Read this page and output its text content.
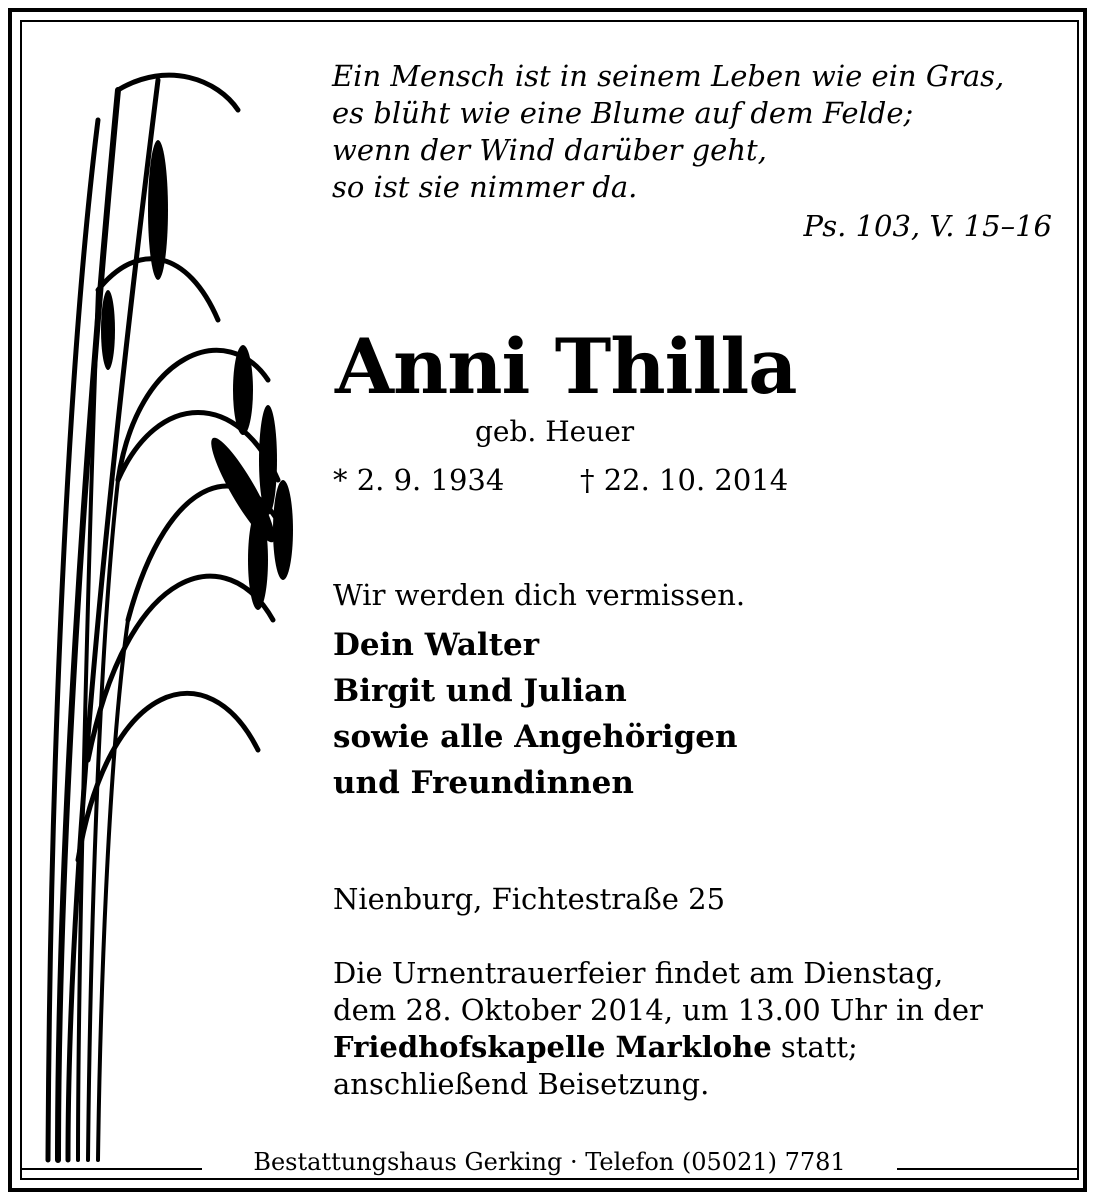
Ein Mensch ist in seinem Leben wie ein Gras,
es blüht wie eine Blume auf dem Felde;
wenn der Wind darüber geht,
so ist sie nimmer da.
Ps. 103, V. 15–16
Anni Thilla
geb. Heuer
* 2. 9. 1934	† 22. 10. 2014
Wir werden dich vermissen.
Dein Walter
Birgit und Julian
sowie alle Angehörigen
und Freundinnen
Nienburg, Fichtestraße 25
Die Urnentrauerfeier findet am Dienstag,
dem 28. Oktober 2014, um 13.00 Uhr in der
Friedhofskapelle Marklohe statt;
anschließend Beisetzung.
Bestattungshaus Gerking · Telefon (05021) 7781
